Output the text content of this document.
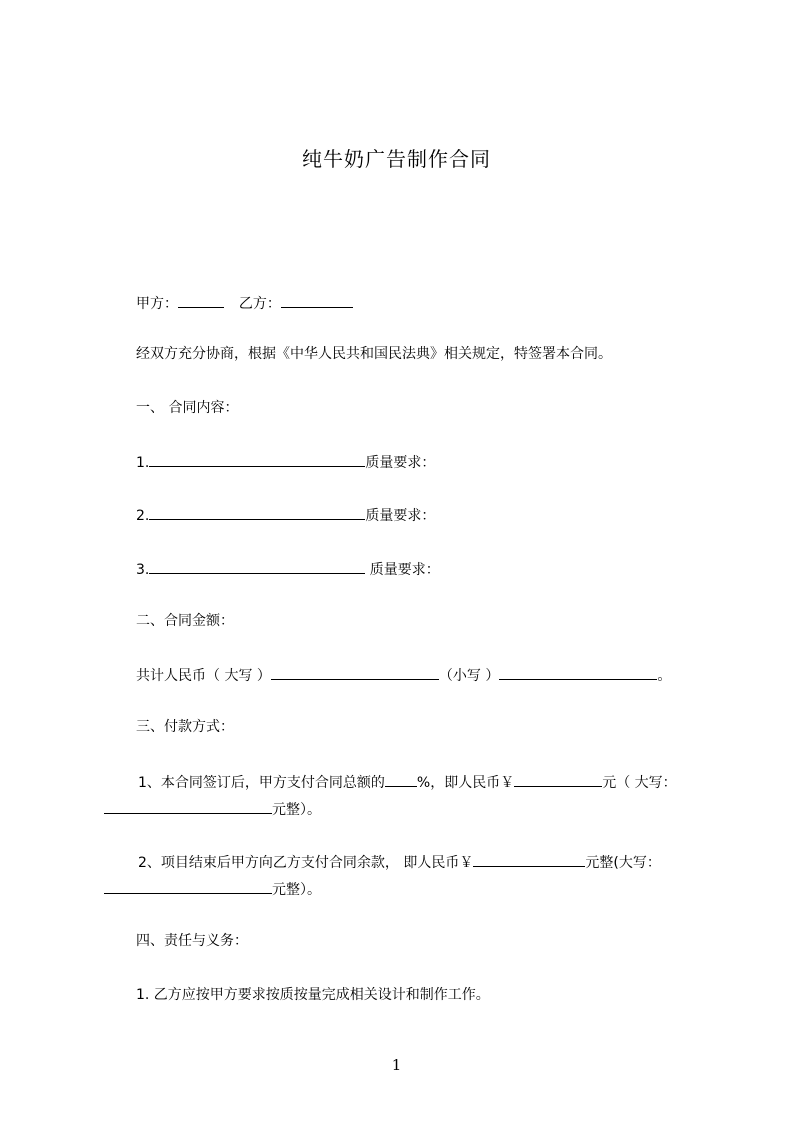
纯牛奶广告制作合同
甲方：	乙方：
经双方充分协商，根据《中华人民共和国民法典》相关规定，特签署本合同。
一、 合同内容：
1.	质量要求：
2.	质量要求：
3.	质量要求：
二、合同金额：
共计人民币（ 大写 ）	（小写 ）	。
三、付款方式：
1、本合同签订后，甲方支付合同总额的 %，即人民币￥	元（ 大写：
元整）。
2、项目结束后甲方向乙方支付合同余款， 即人民币￥	元整(大写：
元整）。
四、责任与义务：
1. 乙方应按甲方要求按质按量完成相关设计和制作工作。
1
